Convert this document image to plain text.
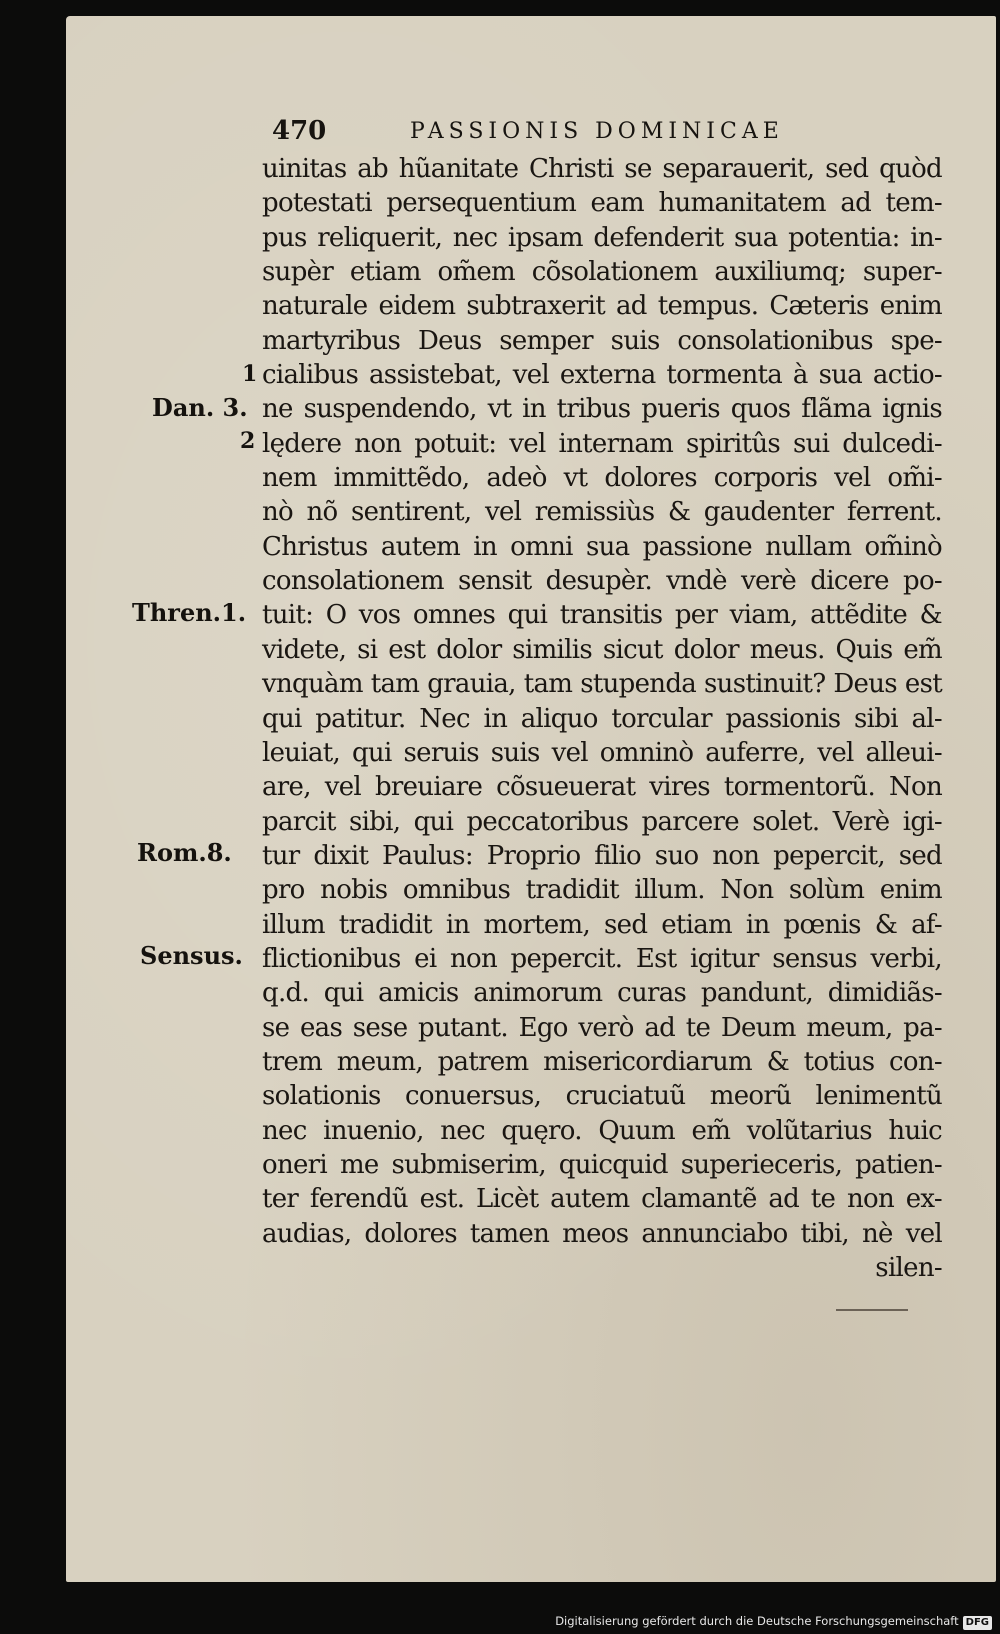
470	PASSIONIS DOMINICAE
uinitas ab hũanitate Christi se separauerit, sed quòd
potestati persequentium eam humanitatem ad tem-
pus reliquerit, nec ipsam defenderit sua potentia: in-
supèr etiam om̃em cõsolationem auxiliumq; super-
naturale eidem subtraxerit ad tempus. Cæteris enim
martyribus Deus semper suis consolationibus spe-
cialibus assistebat, vel externa tormenta à sua actio-
ne suspendendo, vt in tribus pueris quos flãma ignis
lędere non potuit: vel internam spiritûs sui dulcedi-
nem immittẽdo, adeò vt dolores corporis vel om̃i-
nò nõ sentirent, vel remissiùs & gaudenter ferrent.
Christus autem in omni sua passione nullam om̃inò
consolationem sensit desupèr. vndè verè dicere po-
tuit: O vos omnes qui transitis per viam, attẽdite &
videte, si est dolor similis sicut dolor meus. Quis em̃
vnquàm tam grauia, tam stupenda sustinuit? Deus est
qui patitur. Nec in aliquo torcular passionis sibi al-
leuiat, qui seruis suis vel omninò auferre, vel alleui-
are, vel breuiare cõsueuerat vires tormentorũ. Non
parcit sibi, qui peccatoribus parcere solet. Verè igi-
tur dixit Paulus: Proprio filio suo non pepercit, sed
pro nobis omnibus tradidit illum. Non solùm enim
illum tradidit in mortem, sed etiam in pœnis & af-
flictionibus ei non pepercit. Est igitur sensus verbi,
q.d. qui amicis animorum curas pandunt, dimidiãs-
se eas sese putant. Ego verò ad te Deum meum, pa-
trem meum, patrem misericordiarum & totius con-
solationis conuersus, cruciatuũ meorũ lenimentũ
nec inuenio, nec quęro. Quum em̃ volũtarius huic
oneri me submiserim, quicquid superieceris, patien-
ter ferendũ est. Licèt autem clamantẽ ad te non ex-
audias, dolores tamen meos annunciabo tibi, nè vel
silen-
1
Dan. 3.
2
Thren.1.
Rom.8.
Sensus.
Digitalisierung gefördert durch die Deutsche Forschungsgemeinschaft DFG
